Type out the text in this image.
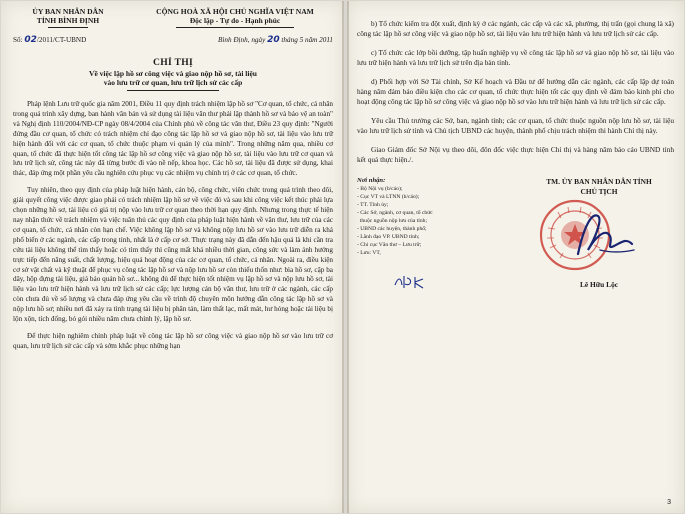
ỦY BAN NHÂN DÂN
TỈNH BÌNH ĐỊNH
CỘNG HOÀ XÃ HỘI CHỦ NGHĨA VIỆT NAM
Độc lập - Tự do - Hạnh phúc
Số: 02/2011/CT-UBND	Bình Định, ngày 20 tháng 5 năm 2011
CHỈ THỊ
Về việc lập hồ sơ công việc và giao nộp hồ sơ, tài liệu
vào lưu trữ cơ quan, lưu trữ lịch sử các cấp

Pháp lệnh Lưu trữ quốc gia năm 2001, Điều 11 quy định trách nhiệm lập hồ sơ "Cơ quan, tổ chức, cá nhân trong quá trình xây dựng, ban hành văn bản và sử dụng tài liệu văn thư phải lập thành hồ sơ và bảo vệ an toàn" và Nghị định 110/2004/NĐ-CP ngày 08/4/2004 của Chính phủ về công tác văn thư, Điều 23 quy định: "Người đứng đầu cơ quan, tổ chức có trách nhiệm chỉ đạo công tác lập hồ sơ và giao nộp hồ sơ, tài liệu vào lưu trữ hiện hành đối với các cơ quan, tổ chức thuộc phạm vi quản lý của mình". Trong những năm qua, nhiều cơ quan, tổ chức đã thực hiện tốt công tác lập hồ sơ công việc và giao nộp hồ sơ, tài liệu vào lưu trữ cơ quan và lưu trữ lịch sử, công tác này đã từng bước đi vào nề nếp, khoa học. Các hồ sơ, tài liệu đã được sử dụng, khai thác, đáp ứng một phần yêu cầu nghiên cứu phục vụ các nhiệm vụ chính trị ở các cơ quan, tổ chức.

Tuy nhiên, theo quy định của pháp luật hiện hành, cán bộ, công chức, viên chức trong quá trình theo dõi, giải quyết công việc được giao phải có trách nhiệm lập hồ sơ về việc đó và sau khi công việc kết thúc phải lựa chọn những hồ sơ, tài liệu có giá trị nộp vào lưu trữ cơ quan theo thời hạn quy định. Nhưng trong thực tế hiện nay nhận thức về trách nhiệm và việc tuân thủ các quy định của pháp luật hiện hành về văn thư, lưu trữ của các cơ quan, tổ chức, cá nhân còn hạn chế. Việc không lập hồ sơ và không nộp lưu hồ sơ vào lưu trữ diễn ra khá phổ biến ở các ngành, các cấp trong tỉnh, nhất là ở cấp cơ sở. Thực trạng này đã dẫn đến hậu quả là khi cần tra cứu tài liệu không thể tìm thấy hoặc có tìm thấy thì cũng mất khá nhiều thời gian, công sức và làm ảnh hưởng trực tiếp đến năng suất, chất lượng, hiệu quả hoạt động của các cơ quan, tổ chức, cá nhân. Ngoài ra, điều kiện cơ sở vật chất và kỹ thuật để phục vụ công tác lập hồ sơ và nộp lưu hồ sơ còn thiếu thốn như: bìa hồ sơ, cặp ba dây, hộp đựng tài liệu, giá bảo quản hồ sơ... không đủ để thực hiện tốt nhiệm vụ lập hồ sơ và nộp lưu hồ sơ, tài liệu vào lưu trữ hiện hành và lưu trữ lịch sử các cấp; lực lượng cán bộ văn thư, lưu trữ ở các ngành, các cấp còn chưa đủ về số lượng và chưa đáp ứng yêu cầu về trình độ chuyên môn hướng dẫn công tác lập hồ sơ và nộp lưu hồ sơ; nhiều nơi đã xảy ra tình trạng tài liệu bị phân tán, làm thất lạc, mất mát, hư hỏng hoặc tài liệu bị lộn xộn, tích đống, bó gói nhiều năm chưa chỉnh lý, lập hồ sơ.

Để thực hiện nghiêm chỉnh pháp luật về công tác lập hồ sơ công việc và giao nộp hồ sơ vào lưu trữ cơ quan, lưu trữ lịch sử các cấp và sớm khắc phục những hạn

b) Tổ chức kiểm tra đột xuất, định kỳ ở các ngành, các cấp và các xã, phường, thị trấn (gọi chung là xã) công tác lập hồ sơ công việc và giao nộp hồ sơ, tài liệu vào lưu trữ hiện hành và lưu trữ lịch sử các cấp.

c) Tổ chức các lớp bồi dưỡng, tập huấn nghiệp vụ về công tác lập hồ sơ và giao nộp hồ sơ, tài liệu vào lưu trữ hiện hành và lưu trữ lịch sử trên địa bàn tỉnh.

d) Phối hợp với Sở Tài chính, Sở Kế hoạch và Đầu tư để hướng dẫn các ngành, các cấp lập dự toán hàng năm đảm bảo điều kiện cho các cơ quan, tổ chức thực hiện tốt các quy định về đảm bảo kinh phí cho hoạt động công tác lập hồ sơ công việc và giao nộp hồ sơ vào lưu trữ hiện hành và lưu trữ lịch sử các cấp.

Yêu cầu Thủ trưởng các Sở, ban, ngành tỉnh; các cơ quan, tổ chức thuộc nguồn nộp lưu hồ sơ, tài liệu vào lưu trữ lịch sử tỉnh và Chủ tịch UBND các huyện, thành phố chịu trách nhiệm thi hành Chỉ thị này.

Giao Giám đốc Sở Nội vụ theo dõi, đôn đốc việc thực hiện Chỉ thị và hàng năm báo cáo UBND tỉnh kết quả thực hiện./.

Nơi nhận:
- Bộ Nội vụ (b/cáo);
- Cục VT và LTNN (b/cáo);
- TT. Tỉnh ủy;
- Các Sở, ngành, cơ quan, tổ chức
thuộc nguồn nộp lưu của tỉnh;
- UBND các huyện, thành phố;
- Lãnh đạo VP. UBND tỉnh;
- Chi cục Văn thư – Lưu trữ;
- Lưu: VT,
TM. ỦY BAN NHÂN DÂN TỈNH
CHỦ TỊCH
Lê Hữu Lộc
3
